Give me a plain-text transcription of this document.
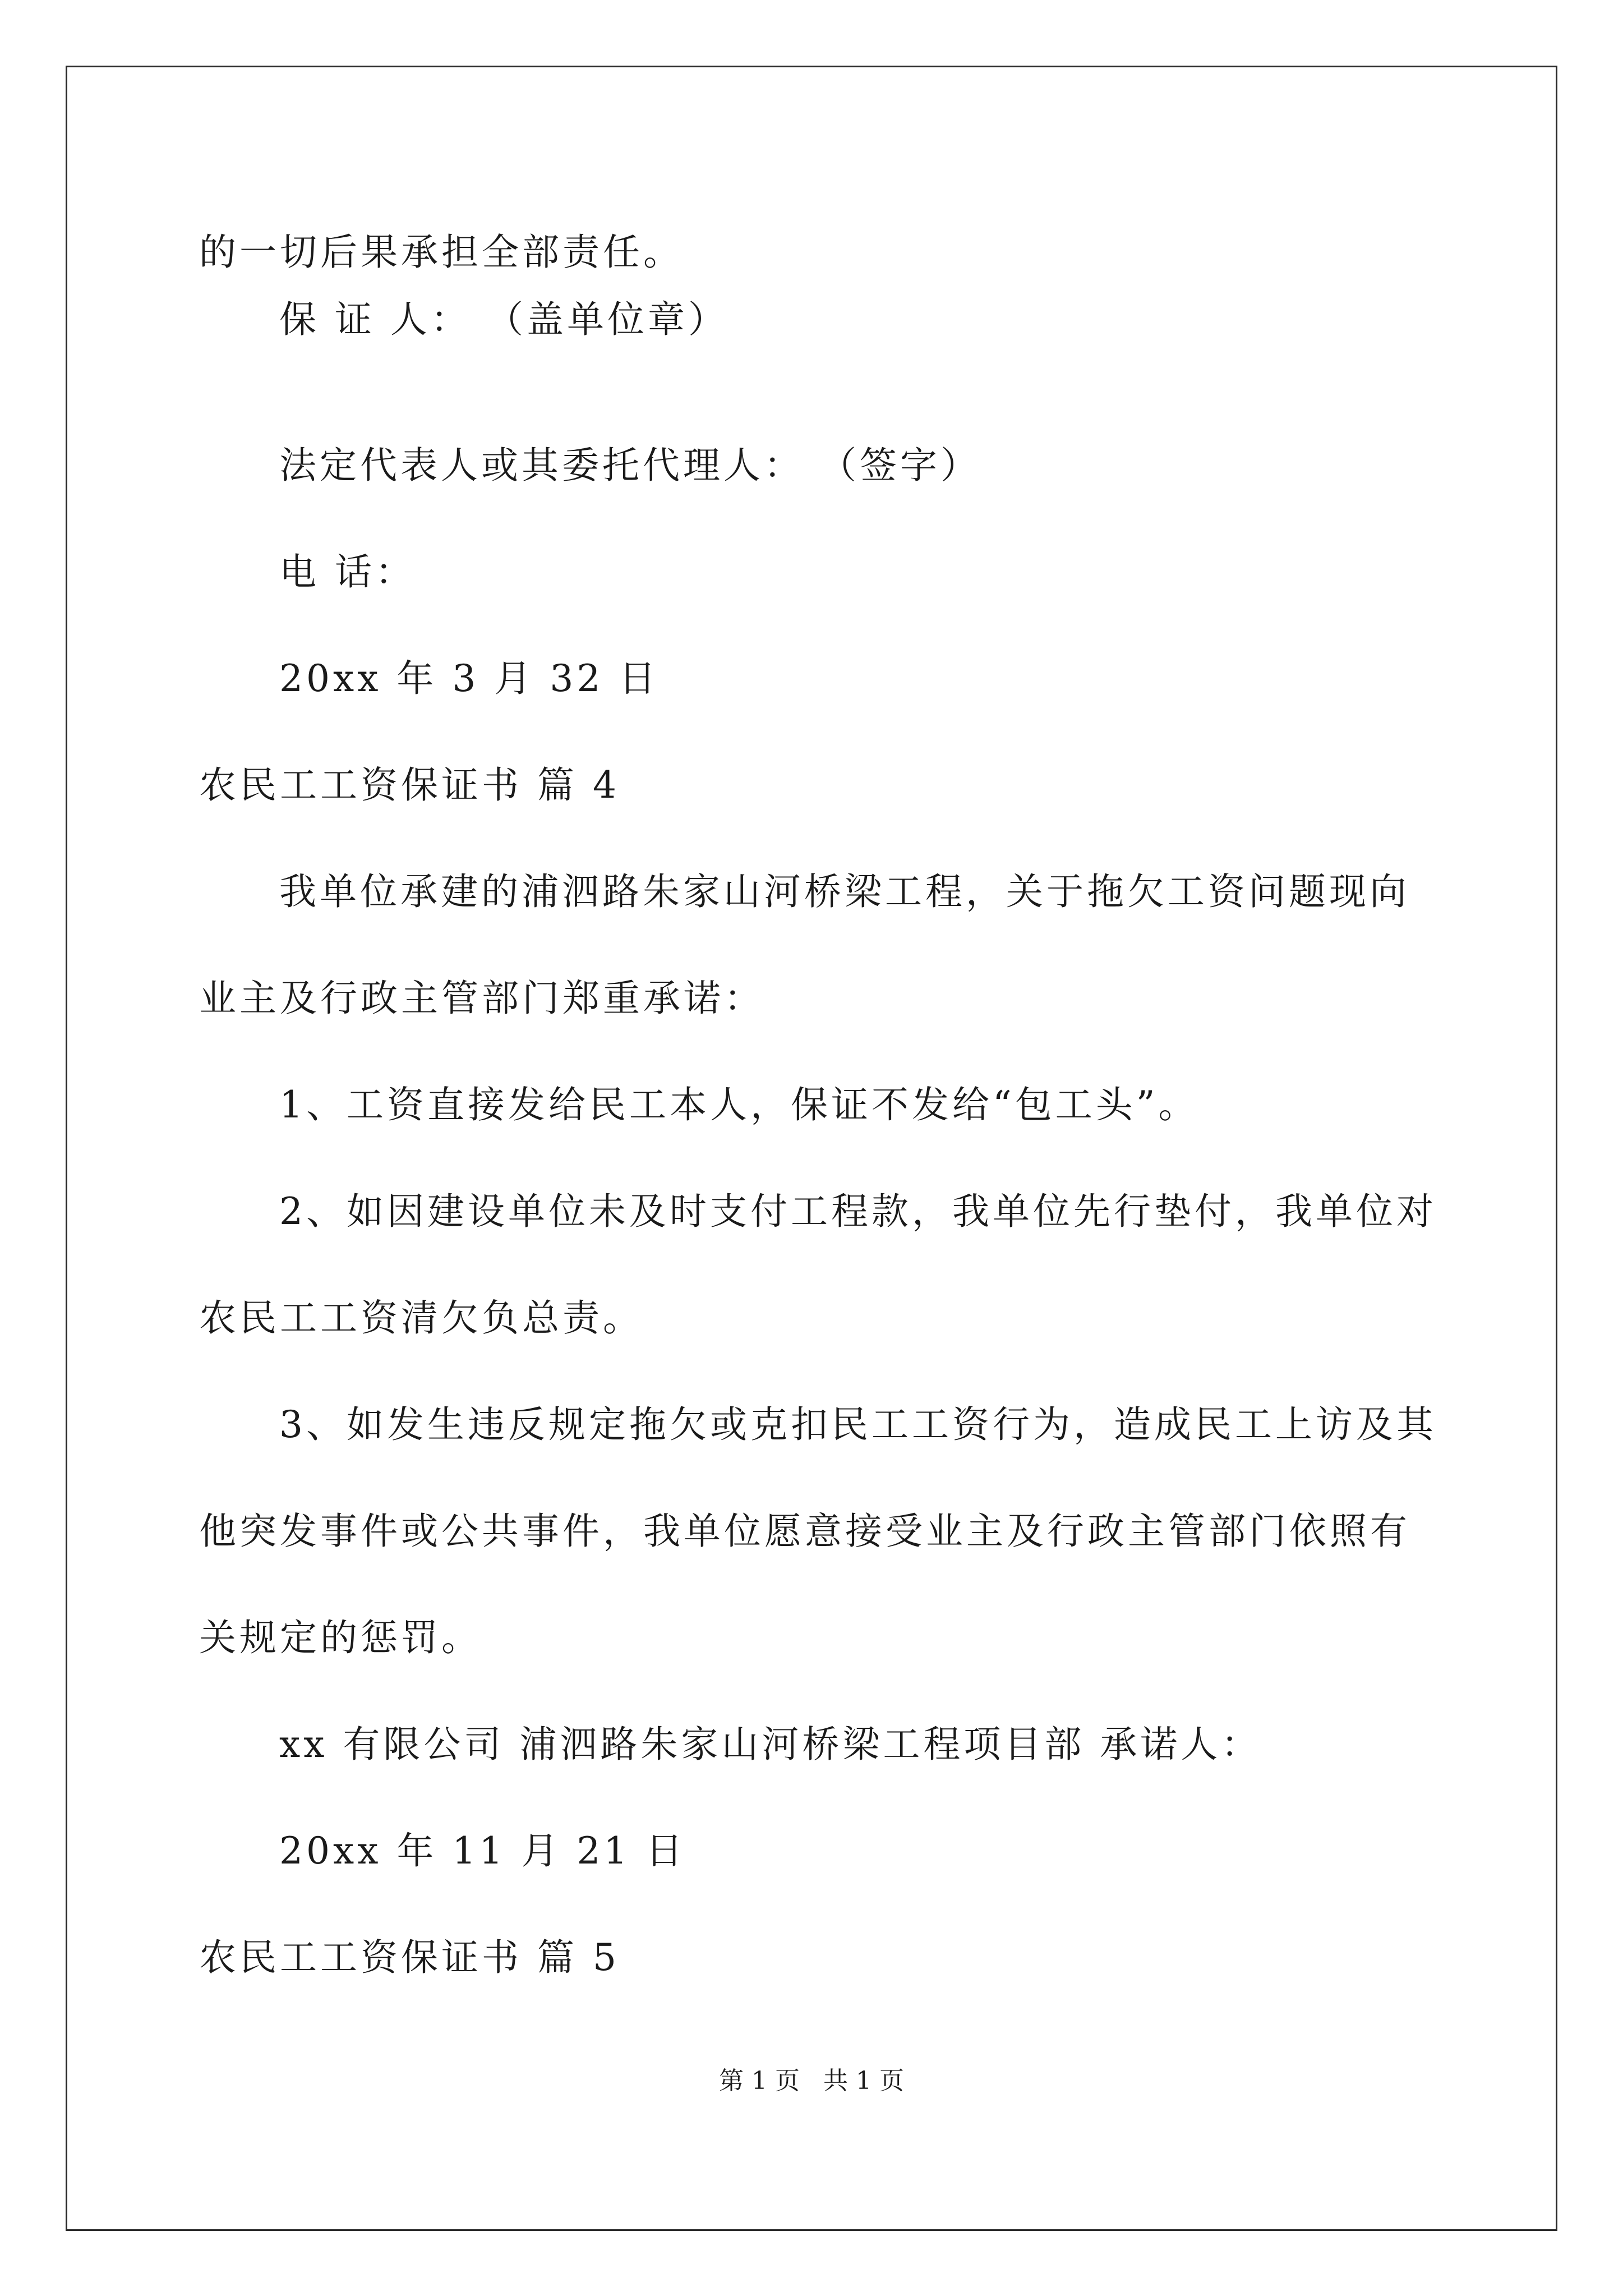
的一切后果承担全部责任。
保 证 人： （盖单位章）
法定代表人或其委托代理人： （签字）
电 话：
20xx 年 3 月 32 日
农民工工资保证书 篇 4
我单位承建的浦泗路朱家山河桥梁工程，关于拖欠工资问题现向
业主及行政主管部门郑重承诺：
1、工资直接发给民工本人，保证不发给“包工头”。
2、如因建设单位未及时支付工程款，我单位先行垫付，我单位对
农民工工资清欠负总责。
3、如发生违反规定拖欠或克扣民工工资行为，造成民工上访及其
他突发事件或公共事件，我单位愿意接受业主及行政主管部门依照有
关规定的惩罚。
xx 有限公司 浦泗路朱家山河桥梁工程项目部 承诺人：
20xx 年 11 月 21 日
农民工工资保证书 篇 5
第 1 页   共 1 页
